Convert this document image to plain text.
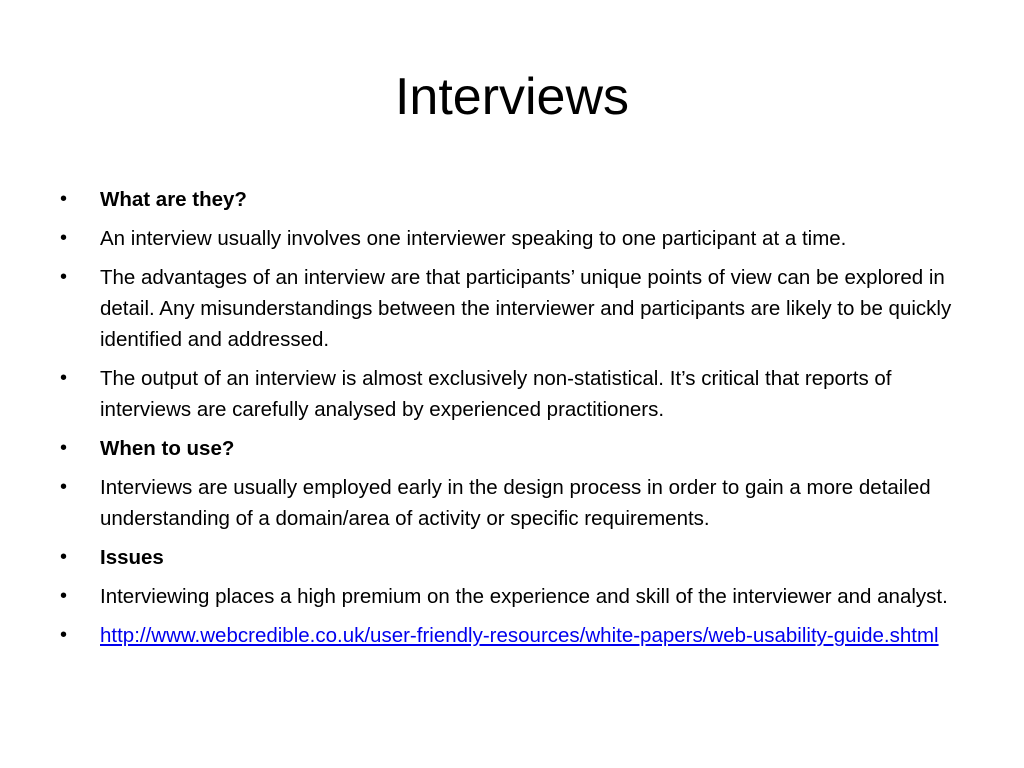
Interviews
•	What are they?
•	An interview usually involves one interviewer speaking to one participant at a time.
•	The advantages of an interview are that participants’ unique points of view can be explored in detail. Any misunderstandings between the interviewer and participants are likely to be quickly identified and addressed.
•	The output of an interview is almost exclusively non-statistical. It’s critical that reports of interviews are carefully analysed by experienced practitioners.
•	When to use?
•	Interviews are usually employed early in the design process in order to gain a more detailed understanding of a domain/area of activity or specific requirements.
•	Issues
•	Interviewing places a high premium on the experience and skill of the interviewer and analyst.
•	http://www.webcredible.co.uk/user-friendly-resources/white-papers/web-usability-guide.shtml
